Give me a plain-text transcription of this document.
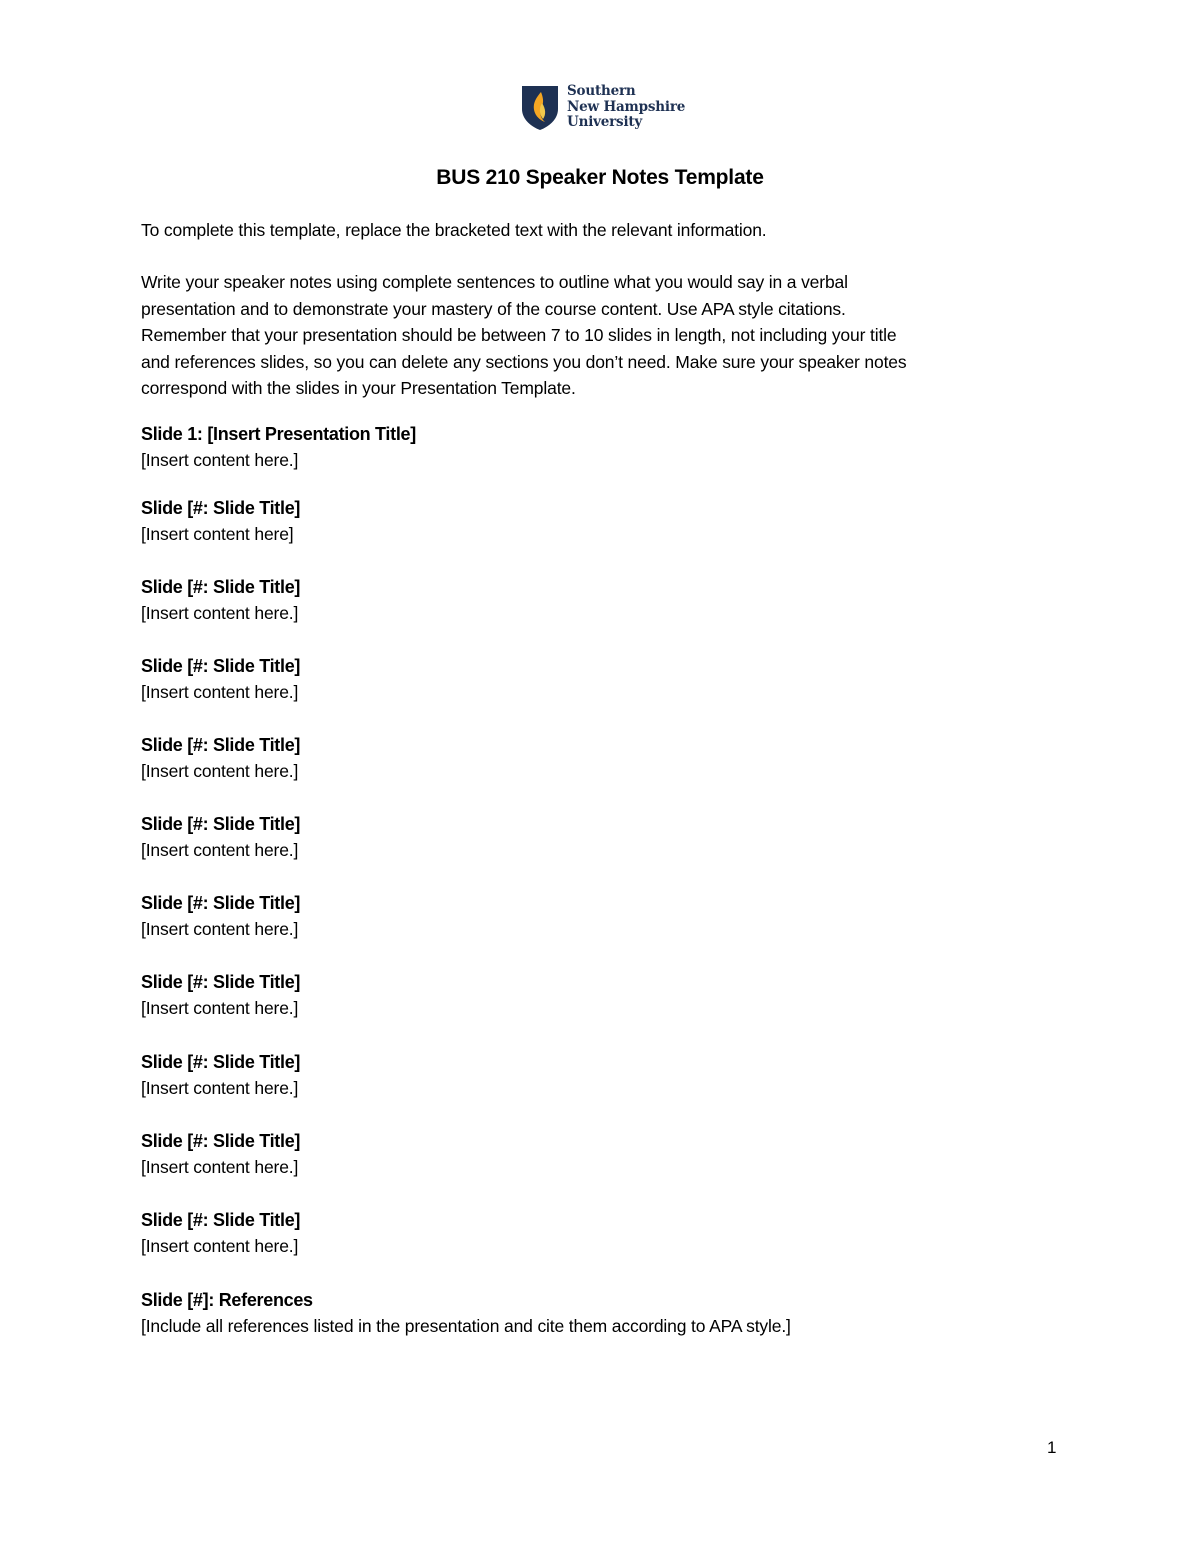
Southern
New Hampshire
University
BUS 210 Speaker Notes Template
To complete this template, replace the bracketed text with the relevant information.
Write your speaker notes using complete sentences to outline what you would say in a verbal
presentation and to demonstrate your mastery of the course content. Use APA style citations.
Remember that your presentation should be between 7 to 10 slides in length, not including your title
and references slides, so you can delete any sections you don’t need. Make sure your speaker notes
correspond with the slides in your Presentation Template.
Slide 1: [Insert Presentation Title]
[Insert content here.]
Slide [#: Slide Title]
[Insert content here]
Slide [#: Slide Title]
[Insert content here.]
Slide [#: Slide Title]
[Insert content here.]
Slide [#: Slide Title]
[Insert content here.]
Slide [#: Slide Title]
[Insert content here.]
Slide [#: Slide Title]
[Insert content here.]
Slide [#: Slide Title]
[Insert content here.]
Slide [#: Slide Title]
[Insert content here.]
Slide [#: Slide Title]
[Insert content here.]
Slide [#: Slide Title]
[Insert content here.]
Slide [#]: References
[Include all references listed in the presentation and cite them according to APA style.]
1
